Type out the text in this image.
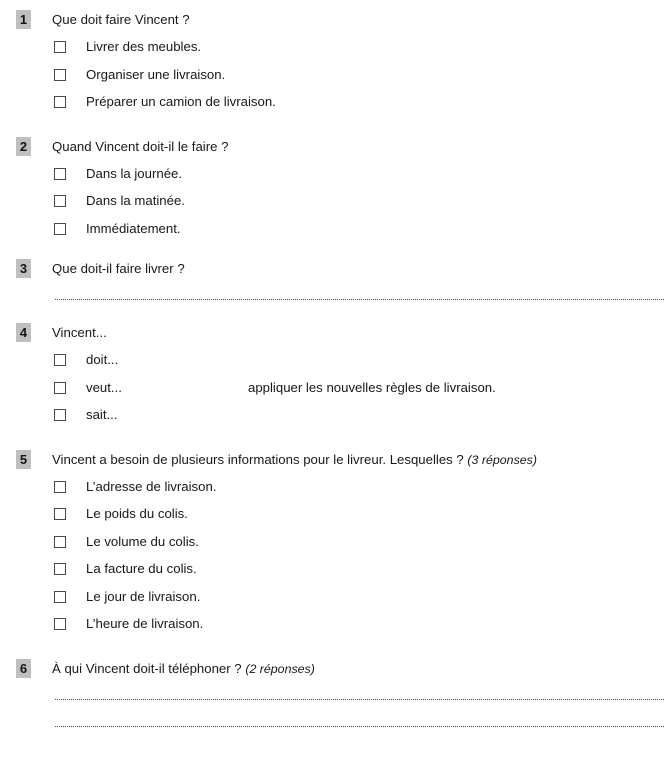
1 Que doit faire Vincent ?
Livrer des meubles.
Organiser une livraison.
Préparer un camion de livraison.
2 Quand Vincent doit-il le faire ?
Dans la journée.
Dans la matinée.
Immédiatement.
3 Que doit-il faire livrer ?
4 Vincent...
doit...
veut...	appliquer les nouvelles règles de livraison.
sait...
5 Vincent a besoin de plusieurs informations pour le livreur. Lesquelles ? (3 réponses)
L’adresse de livraison.
Le poids du colis.
Le volume du colis.
La facture du colis.
Le jour de livraison.
L’heure de livraison.
6 À qui Vincent doit-il téléphoner ? (2 réponses)
